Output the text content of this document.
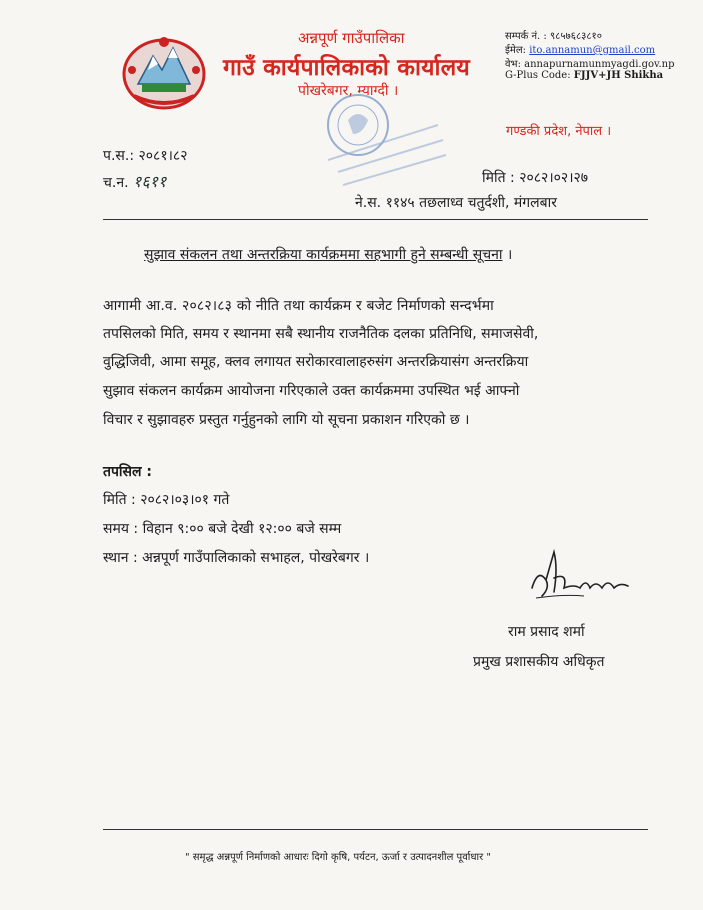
अन्नपूर्ण गाउँपालिका
गाउँ कार्यपालिकाको कार्यालय
पोखरेबगर, म्याग्दी ।
सम्पर्क नं. : ९८५७६८३८१०
ईमेल: ito.annamun@gmail.com
वेभ: annapurnamunmyagdi.gov.np
G-Plus Code: FJJV+JH Shikha
गण्डकी प्रदेश, नेपाल ।
प.स.: २०८१।८२
च.न. १६११	मिति : २०८२।०२।२७
ने.स. ११४५ तछलाध्व चतुर्दशी, मंगलबार
सुझाव संकलन तथा अन्तरक्रिया कार्यक्रममा सहभागी हुने सम्बन्धी सूचना ।
आगामी आ.व. २०८२।८३ को नीति तथा कार्यक्रम र बजेट निर्माणको सन्दर्भमा
तपसिलको मिति, समय र स्थानमा सबै स्थानीय राजनैतिक दलका प्रतिनिधि, समाजसेवी,
वुद्धिजिवी, आमा समूह, क्लव लगायत सरोकारवालाहरुसंग अन्तरक्रियासंग अन्तरक्रिया
सुझाव संकलन कार्यक्रम आयोजना गरिएकाले उक्त कार्यक्रममा उपस्थित भई आफ्नो
विचार र सुझावहरु प्रस्तुत गर्नुहुनको लागि यो सूचना प्रकाशन गरिएको छ ।
तपसिल :
मिति : २०८२।०३।०१ गते
समय : विहान ९:०० बजे देखी १२:०० बजे सम्म
स्थान : अन्नपूर्ण गाउँपालिकाको सभाहल, पोखरेबगर ।
राम प्रसाद शर्मा
प्रमुख प्रशासकीय अधिकृत
" समृद्ध अन्नपूर्ण निर्माणको आधारः दिगो कृषि, पर्यटन, ऊर्जा र उत्पादनशील पूर्वाधार "
